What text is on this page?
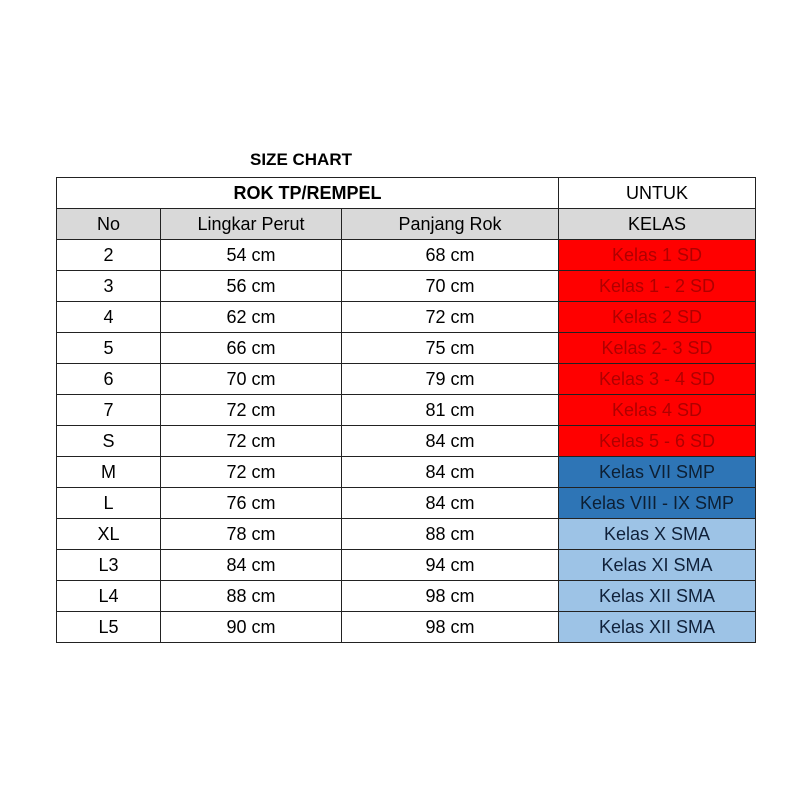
SIZE CHART
ROK TP/REMPEL			UNTUK
No	Lingkar Perut	Panjang Rok	KELAS
2	54 cm	68 cm	Kelas 1 SD
3	56 cm	70 cm	Kelas 1 - 2 SD
4	62 cm	72 cm	Kelas 2 SD
5	66 cm	75 cm	Kelas 2- 3 SD
6	70 cm	79 cm	Kelas 3 - 4 SD
7	72 cm	81 cm	Kelas 4 SD
S	72 cm	84 cm	Kelas 5 - 6 SD
M	72 cm	84 cm	Kelas VII SMP
L	76 cm	84 cm	Kelas VIII - IX SMP
XL	78 cm	88 cm	Kelas X SMA
L3	84 cm	94 cm	Kelas XI SMA
L4	88 cm	98 cm	Kelas XII SMA
L5	90 cm	98 cm	Kelas XII SMA
